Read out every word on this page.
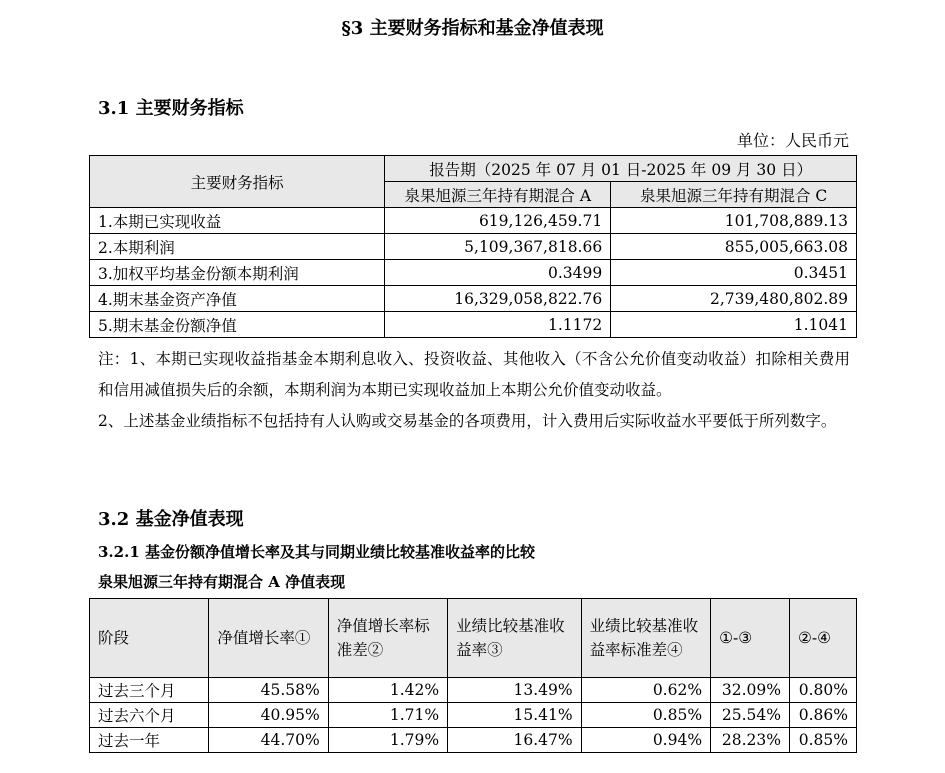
§3 主要财务指标和基金净值表现
3.1 主要财务指标
单位：人民币元
主要财务指标	报告期（2025 年 07 月 01 日-2025 年 09 月 30 日）	
	泉果旭源三年持有期混合 A	泉果旭源三年持有期混合 C
1.本期已实现收益	619,126,459.71	101,708,889.13
2.本期利润	5,109,367,818.66	855,005,663.08
3.加权平均基金份额本期利润	0.3499	0.3451
4.期末基金资产净值	16,329,058,822.76	2,739,480,802.89
5.期末基金份额净值	1.1172	1.1041

注：1、本期已实现收益指基金本期利息收入、投资收益、其他收入（不含公允价值变动收益）扣除相关费用和信用减值损失后的余额，本期利润为本期已实现收益加上本期公允价值变动收益。

2、上述基金业绩指标不包括持有人认购或交易基金的各项费用，计入费用后实际收益水平要低于所列数字。

3.2 基金净值表现
3.2.1 基金份额净值增长率及其与同期业绩比较基准收益率的比较
泉果旭源三年持有期混合 A 净值表现
阶段	净值增长率①	净值增长率标准差②	业绩比较基准收益率③	业绩比较基准收益率标准差④	①-③	②-④
过去三个月	45.58%	1.42%	13.49%	0.62%	32.09%	0.80%
过去六个月	40.95%	1.71%	15.41%	0.85%	25.54%	0.86%
过去一年	44.70%	1.79%	16.47%	0.94%	28.23%	0.85%
